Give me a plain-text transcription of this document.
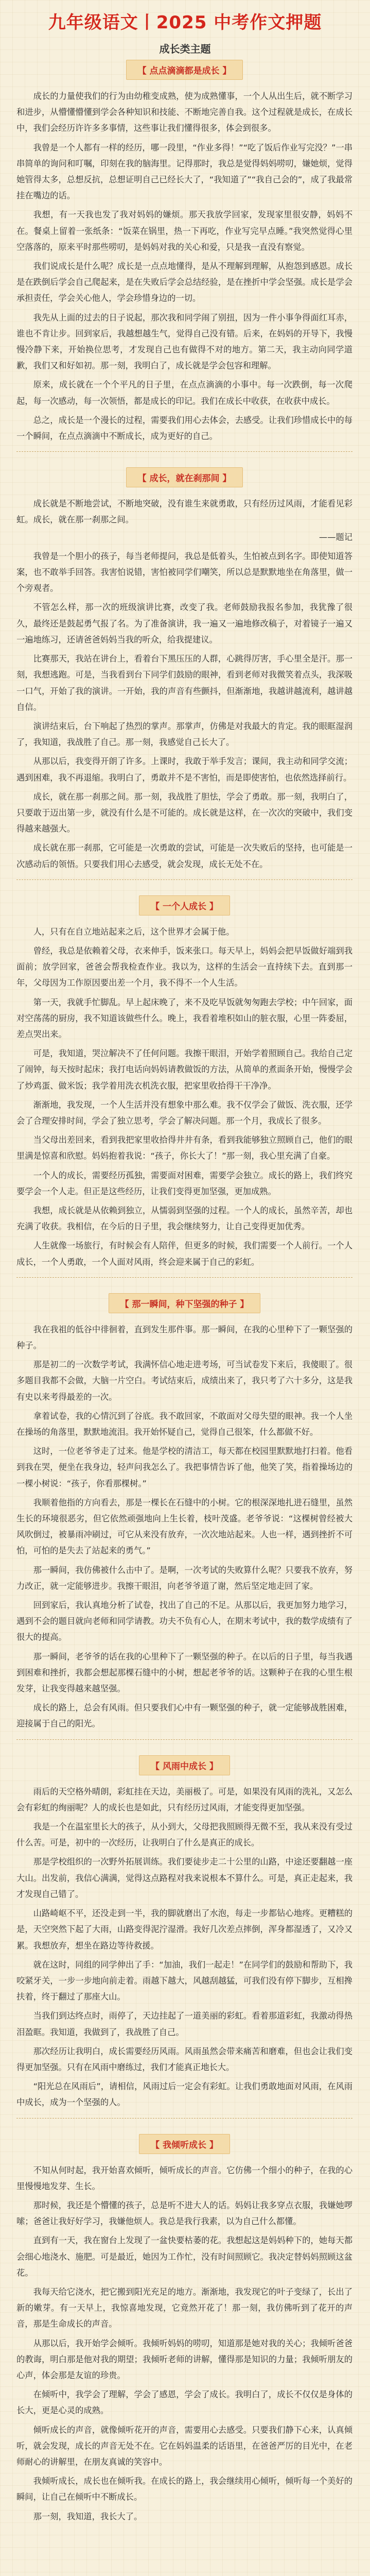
九年级语文丨2025 中考作文押题
成长类主题
【 点点滴滴都是成长 】

成长的力量使我们的行为由幼稚变成熟，使为成熟懂事，一个人从出生后，就不断学习和进步，从懵懂懵懂到学会各种知识和技能、不断地完善自我。这个过程就是成长，在成长中，我们会经历许许多多事情，这些事让我们懂得很多，体会到很多。

我曾是一个人都有一样的经历，哪一段里，“作业多得！”“吃了饭后作业写完没？”一串串简单的询问和叮嘱，印刻在我的脑海里。记得那时，我总是觉得妈妈唠叨，嫌她烦，觉得她管得太多，总想反抗，总想证明自己已经长大了，“我知道了”“我自己会的”，成了我最常挂在嘴边的话。

我想，有一天我也发了我对妈妈的嫌烦。那天我放学回家，发现家里很安静，妈妈不在。餐桌上留着一张纸条：“饭菜在锅里，热一下再吃，作业写完早点睡。”我突然觉得心里空落落的，原来平时那些唠叨，是妈妈对我的关心和爱，只是我一直没有察觉。

我们说成长是什么呢？成长是一点点地懂得，是从不理解到理解，从抱怨到感恩。成长是在跌倒后学会自己爬起来，是在失败后学会总结经验，是在挫折中学会坚强。成长是学会承担责任，学会关心他人，学会珍惜身边的一切。

我先从上面的过去的日子说起，那次我和同学闹了别扭，因为一件小事争得面红耳赤，谁也不肯让步。回到家后，我越想越生气，觉得自己没有错。后来，在妈妈的开导下，我慢慢冷静下来，开始换位思考，才发现自己也有做得不对的地方。第二天，我主动向同学道歉，我们又和好如初。那一刻，我明白了，成长就是学会包容和理解。

原来，成长就在一个个平凡的日子里，在点点滴滴的小事中。每一次跌倒，每一次爬起，每一次感动，每一次领悟，都是成长的印记。我们在成长中收获，在收获中成长。

总之，成长是一个漫长的过程，需要我们用心去体会，去感受。让我们珍惜成长中的每一个瞬间，在点点滴滴中不断成长，成为更好的自己。

【 成长，就在刹那间 】

成长就是不断地尝试，不断地突破，没有谁生来就勇敢，只有经历过风雨，才能看见彩虹。成长，就在那一刹那之间。

——题记

我曾是一个胆小的孩子，每当老师提问，我总是低着头，生怕被点到名字。即使知道答案，也不敢举手回答。我害怕说错，害怕被同学们嘲笑，所以总是默默地坐在角落里，做一个旁观者。

不管怎么样，那一次的班级演讲比赛，改变了我。老师鼓励我报名参加，我犹豫了很久，最终还是鼓起勇气报了名。为了准备演讲，我一遍又一遍地修改稿子，对着镜子一遍又一遍地练习，还请爸爸妈妈当我的听众，给我提建议。

比赛那天，我站在讲台上，看着台下黑压压的人群，心跳得厉害，手心里全是汗。那一刻，我想逃跑。可是，当我看到台下同学们鼓励的眼神，看到老师对我微笑着点头，我深吸一口气，开始了我的演讲。一开始，我的声音有些颤抖，但渐渐地，我越讲越流利，越讲越自信。

演讲结束后，台下响起了热烈的掌声。那掌声，仿佛是对我最大的肯定。我的眼眶湿润了，我知道，我战胜了自己。那一刻，我感觉自己长大了。

从那以后，我变得开朗了许多。上课时，我敢于举手发言；课间，我主动和同学交流；遇到困难，我不再退缩。我明白了，勇敢并不是不害怕，而是即使害怕，也依然选择前行。

成长，就在那一刹那之间。那一刻，我战胜了胆怯，学会了勇敢。那一刻，我明白了，只要敢于迈出第一步，就没有什么是不可能的。成长就是这样，在一次次的突破中，我们变得越来越强大。

成长就在那一刹那，它可能是一次勇敢的尝试，可能是一次失败后的坚持，也可能是一次感动后的领悟。只要我们用心去感受，就会发现，成长无处不在。

【 一个人成长 】

人，只有在自立地站起来之后，这个世界才会属于他。

曾经，我总是依赖着父母，衣来伸手，饭来张口。每天早上，妈妈会把早饭做好端到我面前；放学回家，爸爸会帮我检查作业。我以为，这样的生活会一直持续下去。直到那一年，父母因为工作原因要出差一个月，我不得不一个人生活。

第一天，我就手忙脚乱。早上起床晚了，来不及吃早饭就匆匆跑去学校；中午回家，面对空荡荡的厨房，我不知道该做些什么。晚上，我看着堆积如山的脏衣服，心里一阵委屈，差点哭出来。

可是，我知道，哭泣解决不了任何问题。我擦干眼泪，开始学着照顾自己。我给自己定了闹钟，每天按时起床；我打电话向妈妈请教做饭的方法，从简单的煮面条开始，慢慢学会了炒鸡蛋、做米饭；我学着用洗衣机洗衣服，把家里收拾得干干净净。

渐渐地，我发现，一个人生活并没有想象中那么难。我不仅学会了做饭、洗衣服，还学会了合理安排时间，学会了独立思考，学会了解决问题。那一个月，我成长了很多。

当父母出差回来，看到我把家里收拾得井井有条，看到我能够独立照顾自己，他们的眼里满是惊喜和欣慰。妈妈抱着我说：“孩子，你长大了！”那一刻，我心里充满了自豪。

一个人的成长，需要经历孤独，需要面对困难，需要学会独立。成长的路上，我们终究要学会一个人走。但正是这些经历，让我们变得更加坚强，更加成熟。

我想，成长就是从依赖到独立，从懦弱到坚强的过程。一个人的成长，虽然辛苦，却也充满了收获。我相信，在今后的日子里，我会继续努力，让自己变得更加优秀。

人生就像一场旅行，有时候会有人陪伴，但更多的时候，我们需要一个人前行。一个人成长，一个人勇敢，一个人面对风雨，终会迎来属于自己的彩虹。

【 那一瞬间，种下坚强的种子 】

我在我祖的低谷中徘徊着，直到发生那件事。那一瞬间，在我的心里种下了一颗坚强的种子。

那是初二的一次数学考试，我满怀信心地走进考场，可当试卷发下来后，我傻眼了。很多题目我都不会做，大脑一片空白。考试结束后，成绩出来了，我只考了六十多分，这是我有史以来考得最差的一次。

拿着试卷，我的心情沉到了谷底。我不敢回家，不敢面对父母失望的眼神。我一个人坐在操场的角落里，默默地流泪。我开始怀疑自己，觉得自己很笨，什么都做不好。

这时，一位老爷爷走了过来。他是学校的清洁工，每天都在校园里默默地打扫着。他看到我在哭，便坐在我身边，轻声问我怎么了。我把事情告诉了他，他笑了笑，指着操场边的一棵小树说：“孩子，你看那棵树。”

我顺着他指的方向看去，那是一棵长在石缝中的小树。它的根深深地扎进石缝里，虽然生长的环境很恶劣，但它依然顽强地向上生长着，枝叶茂盛。老爷爷说：“这棵树曾经被大风吹倒过，被暴雨冲刷过，可它从来没有放弃，一次次地站起来。人也一样，遇到挫折不可怕，可怕的是失去了站起来的勇气。”

那一瞬间，我仿佛被什么击中了。是啊，一次考试的失败算什么呢？只要我不放弃，努力改正，就一定能够进步。我擦干眼泪，向老爷爷道了谢，然后坚定地走回了家。

回到家后，我认真地分析了试卷，找出了自己的不足。从那以后，我更加努力地学习，遇到不会的题目就向老师和同学请教。功夫不负有心人，在期末考试中，我的数学成绩有了很大的提高。

那一瞬间，老爷爷的话在我的心里种下了一颗坚强的种子。在以后的日子里，每当我遇到困难和挫折，我都会想起那棵石缝中的小树，想起老爷爷的话。这颗种子在我的心里生根发芽，让我变得越来越坚强。

成长的路上，总会有风雨。但只要我们心中有一颗坚强的种子，就一定能够战胜困难，迎接属于自己的阳光。

【 风雨中成长 】

雨后的天空格外晴朗，彩虹挂在天边，美丽极了。可是，如果没有风雨的洗礼，又怎么会有彩虹的绚丽呢？人的成长也是如此，只有经历过风雨，才能变得更加坚强。

我是一个在温室里长大的孩子，从小到大，父母把我照顾得无微不至，我从来没有受过什么苦。可是，初中的一次经历，让我明白了什么是真正的成长。

那是学校组织的一次野外拓展训练。我们要徒步走二十公里的山路，中途还要翻越一座大山。出发前，我信心满满，觉得这点路程对我来说根本不算什么。可是，真正走起来，我才发现自己错了。

山路崎岖不平，还没走到一半，我的脚就磨出了水泡，每走一步都钻心地疼。更糟糕的是，天空突然下起了大雨，山路变得泥泞湿滑。我好几次差点摔倒，浑身都湿透了，又冷又累。我想放弃，想坐在路边等待救援。

就在这时，同组的同学伸出了手：“加油，我们一起走！”在同学们的鼓励和帮助下，我咬紧牙关，一步一步地向前走着。雨越下越大，风越刮越猛，可我们没有停下脚步，互相搀扶着，终于翻过了那座大山。

当我们到达终点时，雨停了，天边挂起了一道美丽的彩虹。看着那道彩虹，我激动得热泪盈眶。我知道，我做到了，我战胜了自己。

那次经历让我明白，成长需要经历风雨。风雨虽然会带来痛苦和磨难，但也会让我们变得更加坚强。只有在风雨中磨练过，我们才能真正地长大。

“阳光总在风雨后”，请相信，风雨过后一定会有彩虹。让我们勇敢地面对风雨，在风雨中成长，成为一个坚强的人。

【 我倾听成长 】

不知从何时起，我开始喜欢倾听，倾听成长的声音。它仿佛一个细小的种子，在我的心里慢慢地发芽、生长。

那时候，我还是个懵懂的孩子，总是听不进大人的话。妈妈让我多穿点衣服，我嫌她啰嗦；爸爸让我好好学习，我嫌他烦人。我总是我行我素，以为自己什么都懂。

直到有一天，我在窗台上发现了一盆快要枯萎的花。我想起这是妈妈种下的，她每天都会细心地浇水、施肥。可是最近，她因为工作忙，没有时间照顾它。我决定替妈妈照顾这盆花。

我每天给它浇水，把它搬到阳光充足的地方。渐渐地，我发现它的叶子变绿了，长出了新的嫩芽。有一天早上，我惊喜地发现，它竟然开花了！那一刻，我仿佛听到了花开的声音，那是生命成长的声音。

从那以后，我开始学会倾听。我倾听妈妈的唠叨，知道那是她对我的关心；我倾听爸爸的教诲，明白那是他对我的期望；我倾听老师的讲解，懂得那是知识的力量；我倾听朋友的心声，体会那是友谊的珍贵。

在倾听中，我学会了理解，学会了感恩，学会了成长。我明白了，成长不仅仅是身体的长大，更是心灵的成熟。

倾听成长的声音，就像倾听花开的声音，需要用心去感受。只要我们静下心来，认真倾听，就会发现，成长的声音无处不在。它在妈妈温柔的话语里，在爸爸严厉的目光中，在老师耐心的讲解里，在朋友真诚的笑容中。

我倾听成长，成长也在倾听我。在成长的路上，我会继续用心倾听，倾听每一个美好的瞬间，让自己在倾听中不断成长。

那一刻，我知道，我长大了。
